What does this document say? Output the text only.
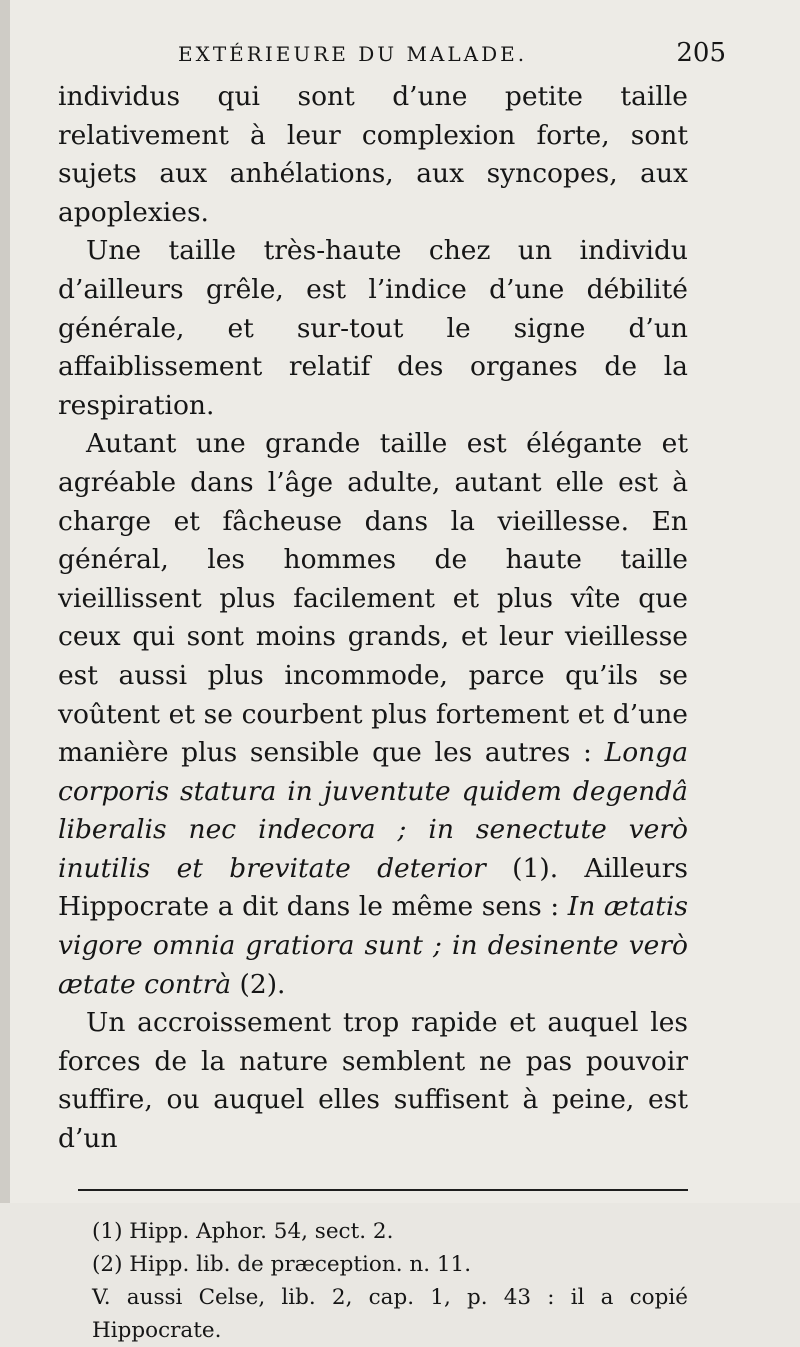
EXTÉRIEURE DU MALADE.	205

individus qui sont d’une petite taille relativement à leur complexion forte, sont sujets aux anhélations, aux syncopes, aux apoplexies.

Une taille très-haute chez un individu d’ailleurs grêle, est l’indice d’une débilité générale, et sur-tout le signe d’un affaiblissement relatif des organes de la respiration.

Autant une grande taille est élégante et agréable dans l’âge adulte, autant elle est à charge et fâcheuse dans la vieillesse. En général, les hommes de haute taille vieillissent plus facilement et plus vîte que ceux qui sont moins grands, et leur vieillesse est aussi plus incommode, parce qu’ils se voûtent et se courbent plus fortement et d’une manière plus sensible que les autres : Longa corporis statura in juventute quidem degendâ liberalis nec indecora ; in senectute verò inutilis et brevitate deterior (1). Ailleurs Hippocrate a dit dans le même sens : In ætatis vigore omnia gratiora sunt ; in desinente verò ætate contrà (2).

Un accroissement trop rapide et auquel les forces de la nature semblent ne pas pouvoir suffire, ou auquel elles suffisent à peine, est d’un

(1) Hipp. Aphor. 54, sect. 2.

(2) Hipp. lib. de præception. n. 11.

V. aussi Celse, lib. 2, cap. 1, p. 43 : il a copié Hippocrate.
